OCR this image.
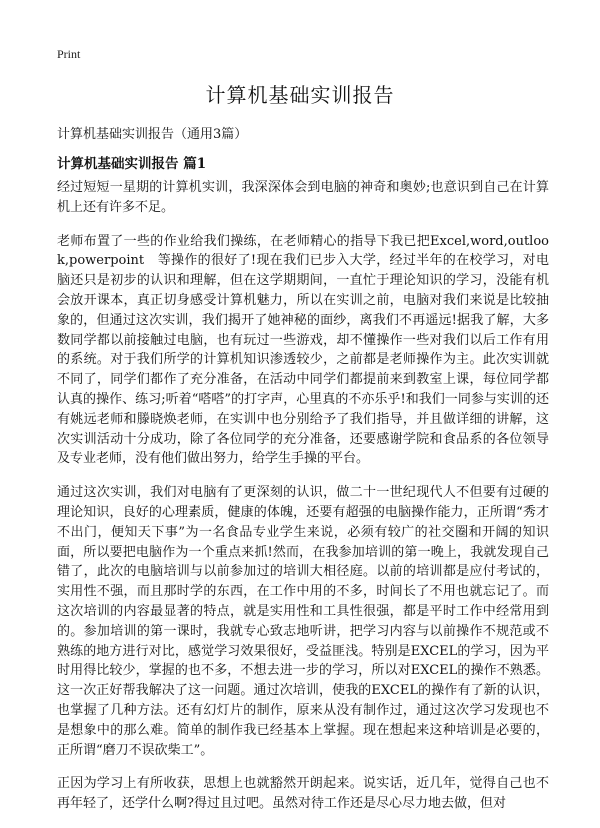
Print
计算机基础实训报告
计算机基础实训报告（通用3篇）
计算机基础实训报告 篇1

经过短短一星期的计算机实训，我深深体会到电脑的神奇和奥妙;也意识到自己在计算机上还有许多不足。

老师布置了一些的作业给我们操练，在老师精心的指导下我已把Excel,word,outlook,powerpoint　等操作的很好了!现在我们已步入大学，经过半年的在校学习，对电脑还只是初步的认识和理解，但在这学期期间，一直忙于理论知识的学习，没能有机会放开课本，真正切身感受计算机魅力，所以在实训之前，电脑对我们来说是比较抽象的，但通过这次实训，我们揭开了她神秘的面纱，离我们不再遥远!据我了解，大多数同学都以前接触过电脑，也有玩过一些游戏，却不懂操作一些对我们以后工作有用的系统。对于我们所学的计算机知识渗透较少，之前都是老师操作为主。此次实训就不同了，同学们都作了充分准备，在活动中同学们都提前来到教室上课，每位同学都认真的操作、练习;听着“嗒嗒”的打字声，心里真的不亦乐乎!和我们一同参与实训的还有姚远老师和滕晓焕老师，在实训中也分别给予了我们指导，并且做详细的讲解，这次实训活动十分成功，除了各位同学的充分准备，还要感谢学院和食品系的各位领导及专业老师，没有他们做出努力，给学生手操的平台。

通过这次实训，我们对电脑有了更深刻的认识，做二十一世纪现代人不但要有过硬的理论知识，良好的心理素质，健康的体魄，还要有超强的电脑操作能力，正所谓“秀才不出门，便知天下事”为一名食品专业学生来说，必须有较广的社交圈和开阔的知识面，所以要把电脑作为一个重点来抓!然而，在我参加培训的第一晚上，我就发现自己错了，此次的电脑培训与以前参加过的培训大相径庭。以前的培训都是应付考试的，实用性不强，而且那时学的东西，在工作中用的不多，时间长了不用也就忘记了。而这次培训的内容最显著的特点，就是实用性和工具性很强，都是平时工作中经常用到的。参加培训的第一课时，我就专心致志地听讲，把学习内容与以前操作不规范或不熟练的地方进行对比，感觉学习效果很好，受益匪浅。特别是EXCEL的学习，因为平时用得比较少，掌握的也不多，不想去进一步的学习，所以对EXCEL的操作不熟悉。这一次正好帮我解决了这一问题。通过次培训，使我的EXCEL的操作有了新的认识，也掌握了几种方法。还有幻灯片的制作，原来从没有制作过，通过这次学习发现也不是想象中的那么难。简单的制作我已经基本上掌握。现在想起来这种培训是必要的，正所谓“磨刀不误砍柴工”。

正因为学习上有所收获，思想上也就豁然开朗起来。说实话，近几年，觉得自己也不再年轻了，还学什么啊?得过且过吧。虽然对待工作还是尽心尽力地去做，但对
